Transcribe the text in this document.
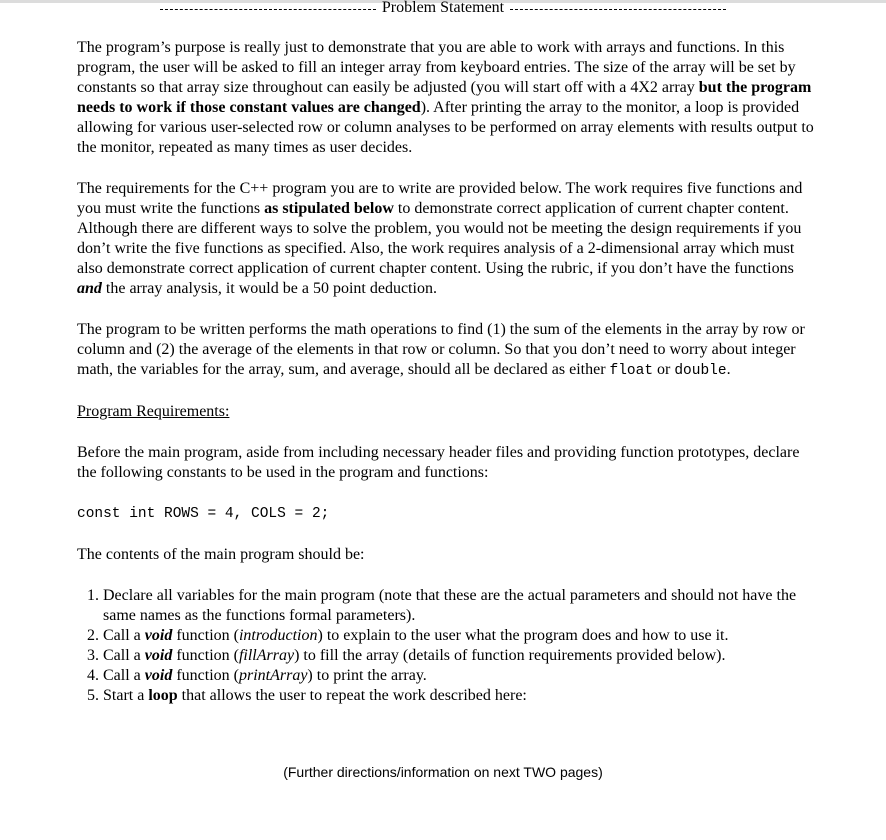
Problem Statement

The program’s purpose is really just to demonstrate that you are able to work with arrays and functions. In this program, the user will be asked to fill an integer array from keyboard entries. The size of the array will be set by constants so that array size throughout can easily be adjusted (you will start off with a 4X2 array but the program needs to work if those constant values are changed). After printing the array to the monitor, a loop is provided allowing for various user-selected row or column analyses to be performed on array elements with results output to the monitor, repeated as many times as user decides.

The requirements for the C++ program you are to write are provided below. The work requires five functions and you must write the functions as stipulated below to demonstrate correct application of current chapter content. Although there are different ways to solve the problem, you would not be meeting the design requirements if you don’t write the five functions as specified. Also, the work requires analysis of a 2-dimensional array which must also demonstrate correct application of current chapter content. Using the rubric, if you don’t have the functions and the array analysis, it would be a 50 point deduction.

The program to be written performs the math operations to find (1) the sum of the elements in the array by row or column and (2) the average of the elements in that row or column. So that you don’t need to worry about integer math, the variables for the array, sum, and average, should all be declared as either float or double.

Program Requirements:

Before the main program, aside from including necessary header files and providing function prototypes, declare the following constants to be used in the program and functions:

const int ROWS = 4, COLS = 2;

The contents of the main program should be:

1. Declare all variables for the main program (note that these are the actual parameters and should not have the same names as the functions formal parameters).
2. Call a void function (introduction) to explain to the user what the program does and how to use it.
3. Call a void function (fillArray) to fill the array (details of function requirements provided below).
4. Call a void function (printArray) to print the array.
5. Start a loop that allows the user to repeat the work described here:
(Further directions/information on next TWO pages)
